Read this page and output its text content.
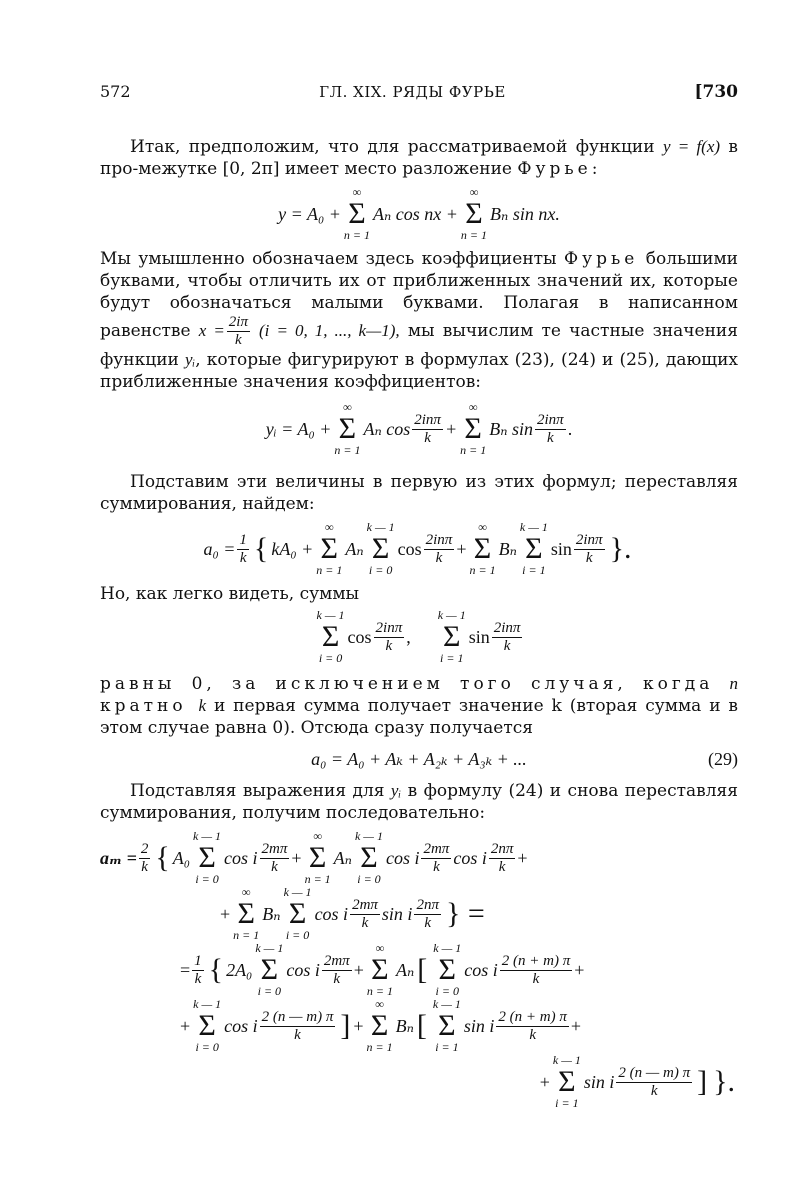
572	ГЛ. XIX. РЯДЫ ФУРЬЕ	[730

Итак, предположим, что для рассматриваемой функции y = f(x) в про-межутке [0, 2π] имеет место разложение Фурье:

y = A₀ +
∞
Σ
n = 1
Aₙ cos nx +
∞
Σ
n = 1
Bₙ sin nx.

Мы умышленно обозначаем здесь коэффициенты Фурье большими буквами, чтобы отличить их от приближенных значений их, которые будут обозначаться малыми буквами. Полагая в написанном равенстве $x = \frac{2i\pi}{k} (i = 0$, 1, ..., k—1), мы вычислим те частные значения функции yᵢ, которые фигурируют в формулах (23), (24) и (25), дающих приближенные значения коэффициентов:

yᵢ = A₀ +
∞
Σ
n = 1
Aₙ $\cos \frac{\text{2inπ}}{k}$ +
∞
Σ
n = 1
Bₙ $\sin \frac{\text{2inπ}}{k}$ .

Подставим эти величины в первую из этих формул; переставляя суммирования, найдем:

$a_0 = \frac{1}{k}$ { kA₀ +
∞
Σ
n = 1
Aₙ
k — 1
Σ
i = 0
$\cos \frac{\text{2inπ}}{k}$ +
∞
Σ
n = 1
Bₙ
k — 1
Σ
i = 1
$\sin \frac{\text{2inπ}}{k}$ }.

Но, как легко видеть, суммы

k — 1
Σ
i = 0
$\cos \frac{\text{2inπ}}{k}$ ,
k — 1
Σ
i = 1
$\sin \frac{\text{2inπ}}{k}$

равны 0, за исключением того случая, когда n кратно k и первая сумма получает значение k (вторая сумма и в этом случае равна 0). Отсюда сразу получается

a₀ = A₀ + Aₖ + A₂ₖ + A₃ₖ + ...	(29)

Подставляя выражения для yᵢ в формулу (24) и снова переставляя суммирования, получим последовательно:

$a_m = \frac{2}{k}$ { A₀
k — 1
Σ
i = 0
cos i $\frac{2m\pi}{k}$ +
∞
Σ
n = 1
Aₙ
k — 1
Σ
i = 0
cos i $\frac{2m\pi}{k}$ cos i $\frac{2n\pi}{k}$ +
+
∞
Σ
n = 1
Bₙ
k — 1
Σ
i = 0
cos i $\frac{2m\pi}{k}$ sin i $\frac{2n\pi}{k}$ } =
= $\frac{1}{k}$ { 2A₀
k — 1
Σ
i = 0
cos i $\frac{2m\pi}{k}$ +
∞
Σ
n = 1
Aₙ [
k — 1
Σ
i = 0
cos i $\frac{2 (n + m) \pi}{k}$ +
+
k — 1
Σ
i = 0
cos i $\frac{2 (n — m) \pi}{k}$ ] +
∞
Σ
n = 1
Bₙ [
k — 1
Σ
i = 1
sin i $\frac{2 (n + m) \pi}{k}$ +
+
k — 1
Σ
i = 1
sin i $\frac{2 (n — m) \pi}{k}$ ] }.
